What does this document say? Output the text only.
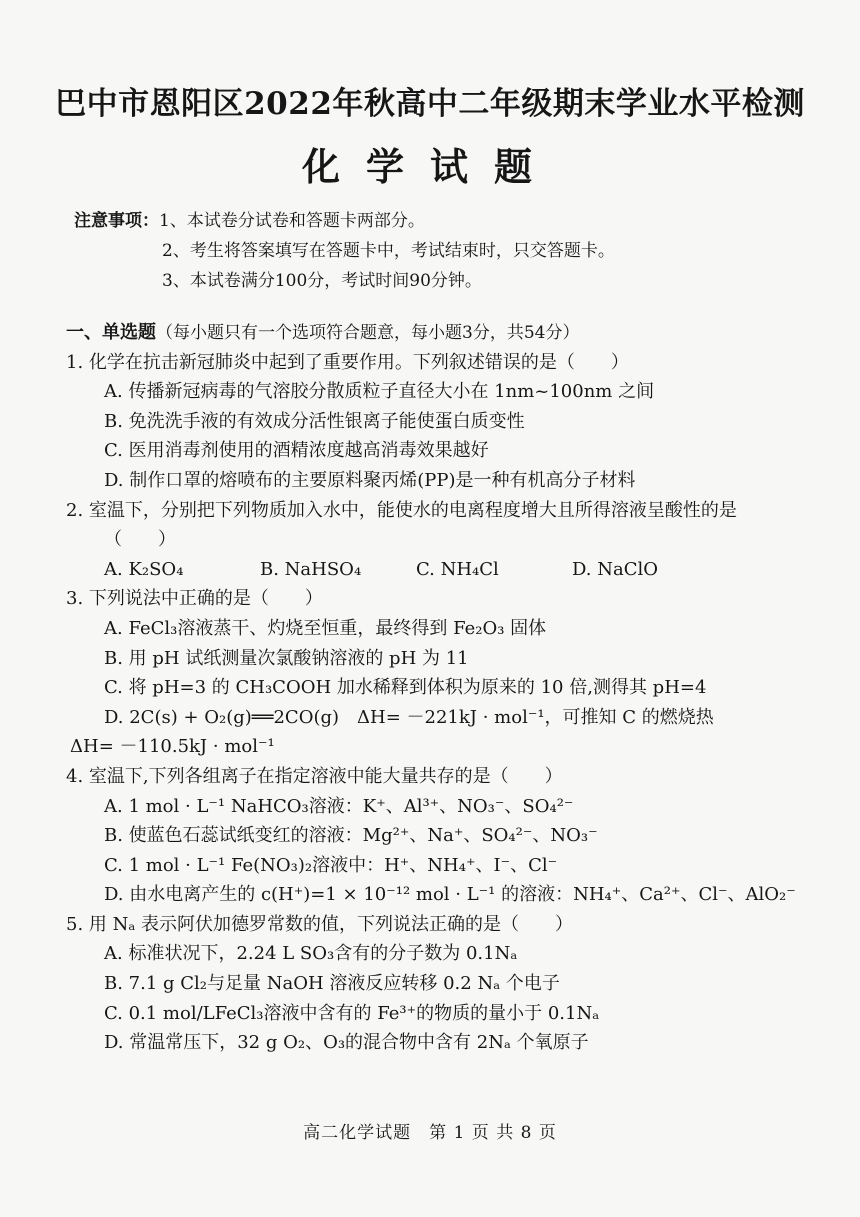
巴中市恩阳区2022年秋高中二年级期末学业水平检测
化学试题
注意事项：1、本试卷分试卷和答题卡两部分。
2、考生将答案填写在答题卡中，考试结束时，只交答题卡。
3、本试卷满分100分，考试时间90分钟。
一、单选题（每小题只有一个选项符合题意，每小题3分，共54分）
1. 化学在抗击新冠肺炎中起到了重要作用。下列叙述错误的是（　　）
A. 传播新冠病毒的气溶胶分散质粒子直径大小在 1nm~100nm 之间
B. 免洗洗手液的有效成分活性银离子能使蛋白质变性
C. 医用消毒剂使用的酒精浓度越高消毒效果越好
D. 制作口罩的熔喷布的主要原料聚丙烯(PP)是一种有机高分子材料
2. 室温下，分别把下列物质加入水中，能使水的电离程度增大且所得溶液呈酸性的是
（　　）
A. K₂SO₄	B. NaHSO₄	C. NH₄Cl	D. NaClO
3. 下列说法中正确的是（　　）
A. FeCl₃溶液蒸干、灼烧至恒重，最终得到 Fe₂O₃ 固体
B. 用 pH 试纸测量次氯酸钠溶液的 pH 为 11
C. 将 pH=3 的 CH₃COOH 加水稀释到体积为原来的 10 倍,测得其 pH=4
D. 2C(s) + O₂(g)══2CO(g)　ΔH= －221kJ · mol⁻¹，可推知 C 的燃烧热
ΔH= －110.5kJ · mol⁻¹
4. 室温下,下列各组离子在指定溶液中能大量共存的是（　　）
A. 1 mol · L⁻¹ NaHCO₃溶液：K⁺、Al³⁺、NO₃⁻、SO₄²⁻
B. 使蓝色石蕊试纸变红的溶液：Mg²⁺、Na⁺、SO₄²⁻、NO₃⁻
C. 1 mol · L⁻¹ Fe(NO₃)₂溶液中：H⁺、NH₄⁺、I⁻、Cl⁻
D. 由水电离产生的 c(H⁺)=1 × 10⁻¹² mol · L⁻¹ 的溶液：NH₄⁺、Ca²⁺、Cl⁻、AlO₂⁻
5. 用 Nₐ 表示阿伏加德罗常数的值，下列说法正确的是（　　）
A. 标准状况下，2.24 L SO₃含有的分子数为 0.1Nₐ
B. 7.1 g Cl₂与足量 NaOH 溶液反应转移 0.2 Nₐ 个电子
C. 0.1 mol/LFeCl₃溶液中含有的 Fe³⁺的物质的量小于 0.1Nₐ
D. 常温常压下，32 g O₂、O₃的混合物中含有 2Nₐ 个氧原子
高二化学试题　第 1 页 共 8 页
